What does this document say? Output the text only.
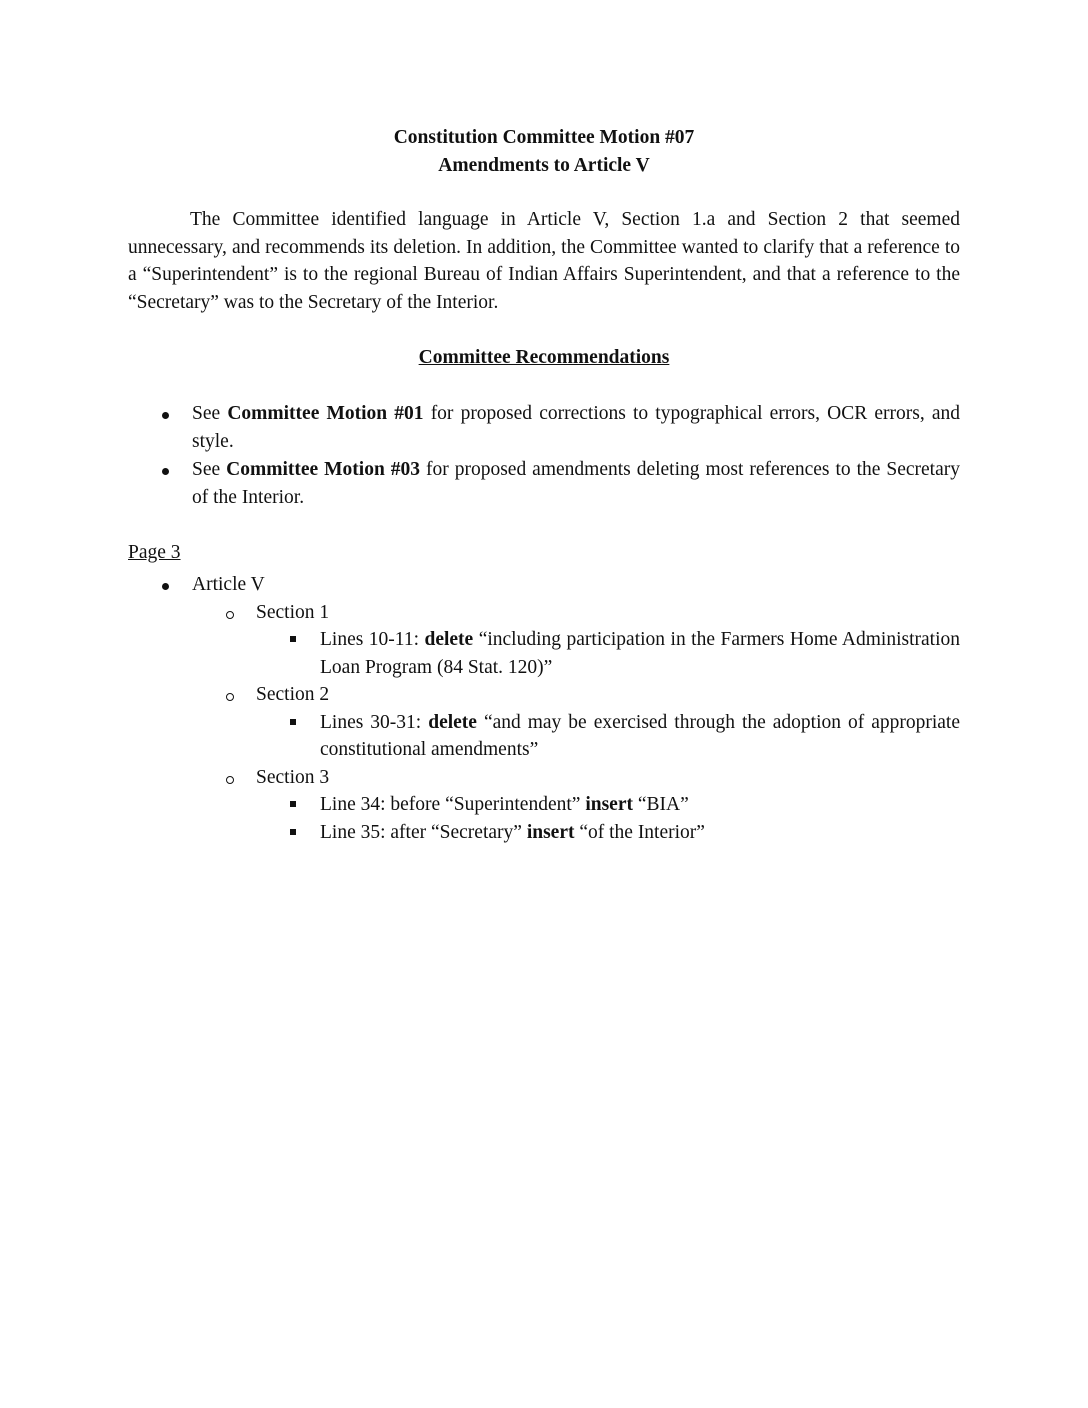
Constitution Committee Motion #07

Amendments to Article V

The Committee identified language in Article V, Section 1.a and Section 2 that seemed unnecessary, and recommends its deletion. In addition, the Committee wanted to clarify that a reference to a “Superintendent” is to the regional Bureau of Indian Affairs Superintendent, and that a reference to the “Secretary” was to the Secretary of the Interior.

Committee Recommendations

See Committee Motion #01 for proposed corrections to typographical errors, OCR errors, and style.
See Committee Motion #03 for proposed amendments deleting most references to the Secretary of the Interior.

Page 3

Article V
Section 1
Lines 10-11: delete “including participation in the Farmers Home Administration Loan Program (84 Stat. 120)”
Section 2
Lines 30-31: delete “and may be exercised through the adoption of appropriate constitutional amendments”
Section 3
Line 34: before “Superintendent” insert “BIA”
Line 35: after “Secretary” insert “of the Interior”
